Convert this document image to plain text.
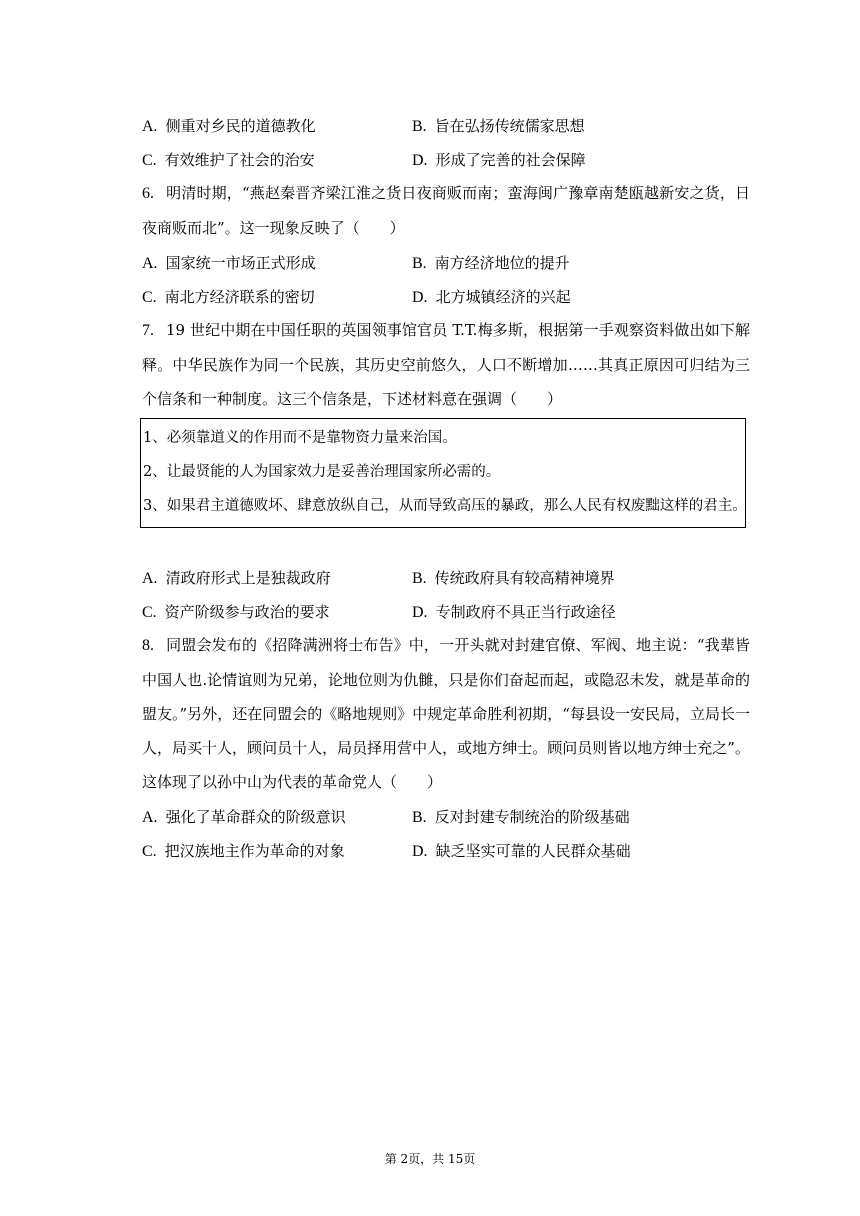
A. 侧重对乡民的道德教化	B. 旨在弘扬传统儒家思想
C. 有效维护了社会的治安	D. 形成了完善的社会保障
6. 明清时期，“燕赵秦晋齐梁江淮之货日夜商贩而南；蛮海闽广豫章南楚瓯越新安之货，日夜商贩而北”。这一现象反映了（　　）
A. 国家统一市场正式形成	B. 南方经济地位的提升
C. 南北方经济联系的密切	D. 北方城镇经济的兴起
7. 19 世纪中期在中国任职的英国领事馆官员 T.T.梅多斯，根据第一手观察资料做出如下解释。中华民族作为同一个民族，其历史空前悠久，人口不断增加……其真正原因可归结为三个信条和一种制度。这三个信条是，下述材料意在强调（　　）
1、必须靠道义的作用而不是靠物资力量来治国。
2、让最贤能的人为国家效力是妥善治理国家所必需的。
3、如果君主道德败坏、肆意放纵自己，从而导致高压的暴政，那么人民有权废黜这样的君主。
A. 清政府形式上是独裁政府	B. 传统政府具有较高精神境界
C. 资产阶级参与政治的要求	D. 专制政府不具正当行政途径
8. 同盟会发布的《招降满洲将士布告》中，一开头就对封建官僚、军阀、地主说：“我辈皆中国人也.论情谊则为兄弟，论地位则为仇雠，只是你们奋起而起，或隐忍未发，就是革命的盟友。”另外，还在同盟会的《略地规则》中规定革命胜利初期，“每县设一安民局，立局长一人，局买十人，顾问员十人，局员择用营中人，或地方绅士。顾问员则皆以地方绅士充之”。这体现了以孙中山为代表的革命党人（　　）
A. 强化了革命群众的阶级意识	B. 反对封建专制统治的阶级基础
C. 把汉族地主作为革命的对象	D. 缺乏坚实可靠的人民群众基础
第 2页，共 15页
